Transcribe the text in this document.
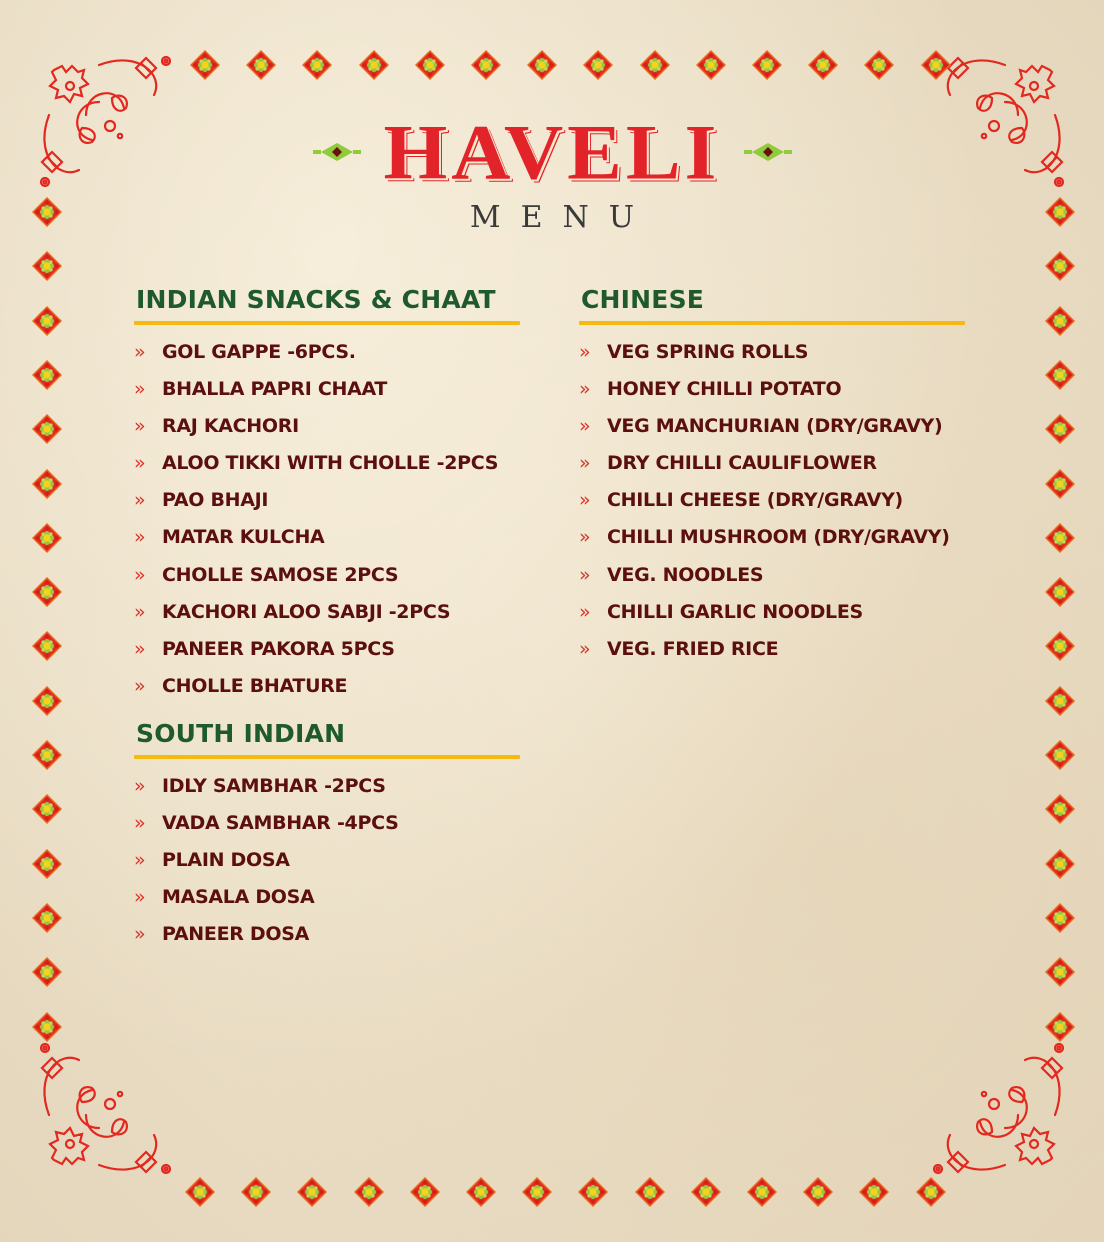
HAVELI
MENU
INDIAN SNACKS & CHAAT
» GOL GAPPE -6PCS.
» BHALLA PAPRI CHAAT
» RAJ KACHORI
» ALOO TIKKI WITH CHOLLE -2PCS
» PAO BHAJI
» MATAR KULCHA
» CHOLLE SAMOSE 2PCS
» KACHORI ALOO SABJI -2PCS
» PANEER PAKORA 5PCS
» CHOLLE BHATURE
SOUTH INDIAN
» IDLY SAMBHAR -2PCS
» VADA SAMBHAR -4PCS
» PLAIN DOSA
» MASALA DOSA
» PANEER DOSA
CHINESE
» VEG SPRING ROLLS
» HONEY CHILLI POTATO
» VEG MANCHURIAN (DRY/GRAVY)
» DRY CHILLI CAULIFLOWER
» CHILLI CHEESE (DRY/GRAVY)
» CHILLI MUSHROOM (DRY/GRAVY)
» VEG. NOODLES
» CHILLI GARLIC NOODLES
» VEG. FRIED RICE
